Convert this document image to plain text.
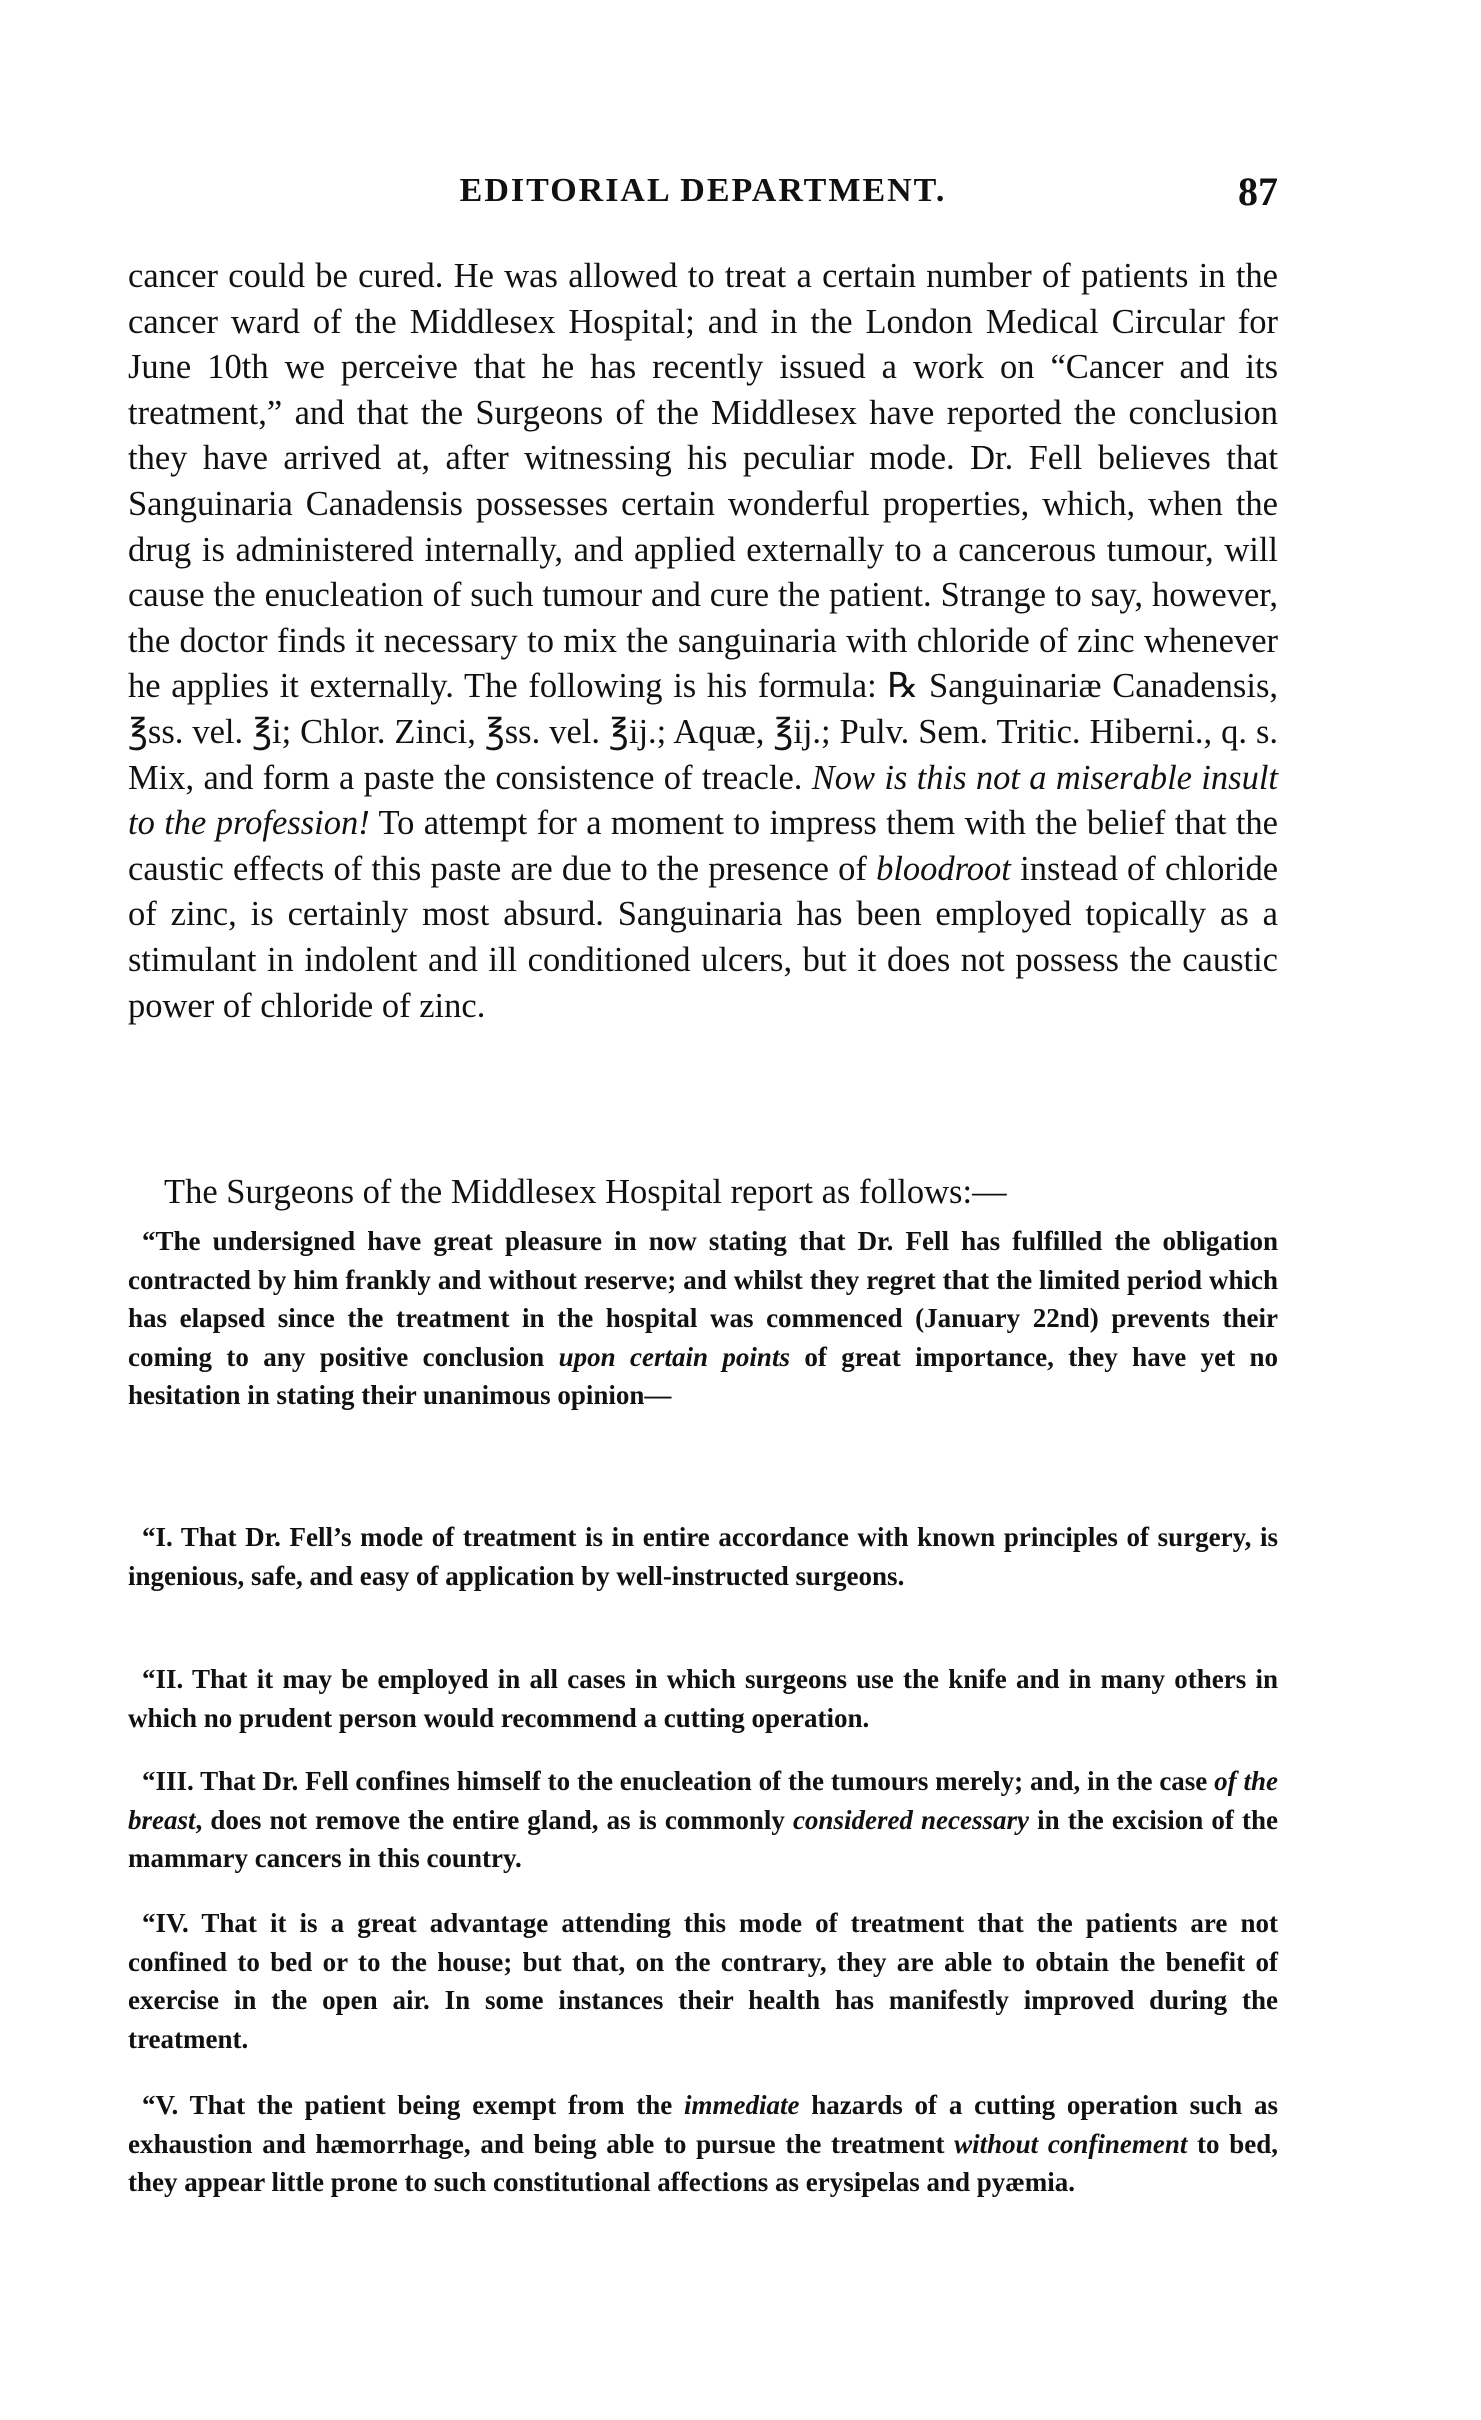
EDITORIAL DEPARTMENT.	87

cancer could be cured. He was allowed to treat a certain number of patients in the cancer ward of the Middlesex Hospital; and in the London Medical Circular for June 10th we perceive that he has recently issued a work on “Cancer and its treatment,” and that the Surgeons of the Middlesex have reported the conclusion they have arrived at, after witnessing his peculiar mode. Dr. Fell believes that Sanguinaria Canadensis possesses certain wonderful properties, which, when the drug is administered internally, and applied externally to a cancerous tumour, will cause the enucleation of such tumour and cure the patient. Strange to say, however, the doctor finds it necessary to mix the sanguinaria with chloride of zinc whenever he applies it externally. The following is his formula: ℞ Sanguinariæ Canadensis, ℥ss. vel. ℥i; Chlor. Zinci, ℥ss. vel. ℥ij.; Aquæ, ℥ij.; Pulv. Sem. Tritic. Hiberni., q. s. Mix, and form a paste the consistence of treacle. Now is this not a miserable insult to the profession! To attempt for a moment to impress them with the belief that the caustic effects of this paste are due to the presence of bloodroot instead of chloride of zinc, is certainly most absurd. Sanguinaria has been employed topically as a stimulant in indolent and ill conditioned ulcers, but it does not possess the caustic power of chloride of zinc.

The Surgeons of the Middlesex Hospital report as follows:—

“The undersigned have great pleasure in now stating that Dr. Fell has fulfilled the obligation contracted by him frankly and without reserve; and whilst they regret that the limited period which has elapsed since the treatment in the hospital was commenced (January 22nd) prevents their coming to any positive conclusion upon certain points of great importance, they have yet no hesitation in stating their unanimous opinion—

“I. That Dr. Fell’s mode of treatment is in entire accordance with known principles of surgery, is ingenious, safe, and easy of application by well-instructed surgeons.

“II. That it may be employed in all cases in which surgeons use the knife and in many others in which no prudent person would recommend a cutting operation.

“III. That Dr. Fell confines himself to the enucleation of the tumours merely; and, in the case of the breast, does not remove the entire gland, as is commonly considered necessary in the excision of the mammary cancers in this country.

“IV. That it is a great advantage attending this mode of treatment that the patients are not confined to bed or to the house; but that, on the contrary, they are able to obtain the benefit of exercise in the open air. In some instances their health has manifestly improved during the treatment.

“V. That the patient being exempt from the immediate hazards of a cutting operation such as exhaustion and hæmorrhage, and being able to pursue the treatment without confinement to bed, they appear little prone to such constitutional affections as erysipelas and pyæmia.
